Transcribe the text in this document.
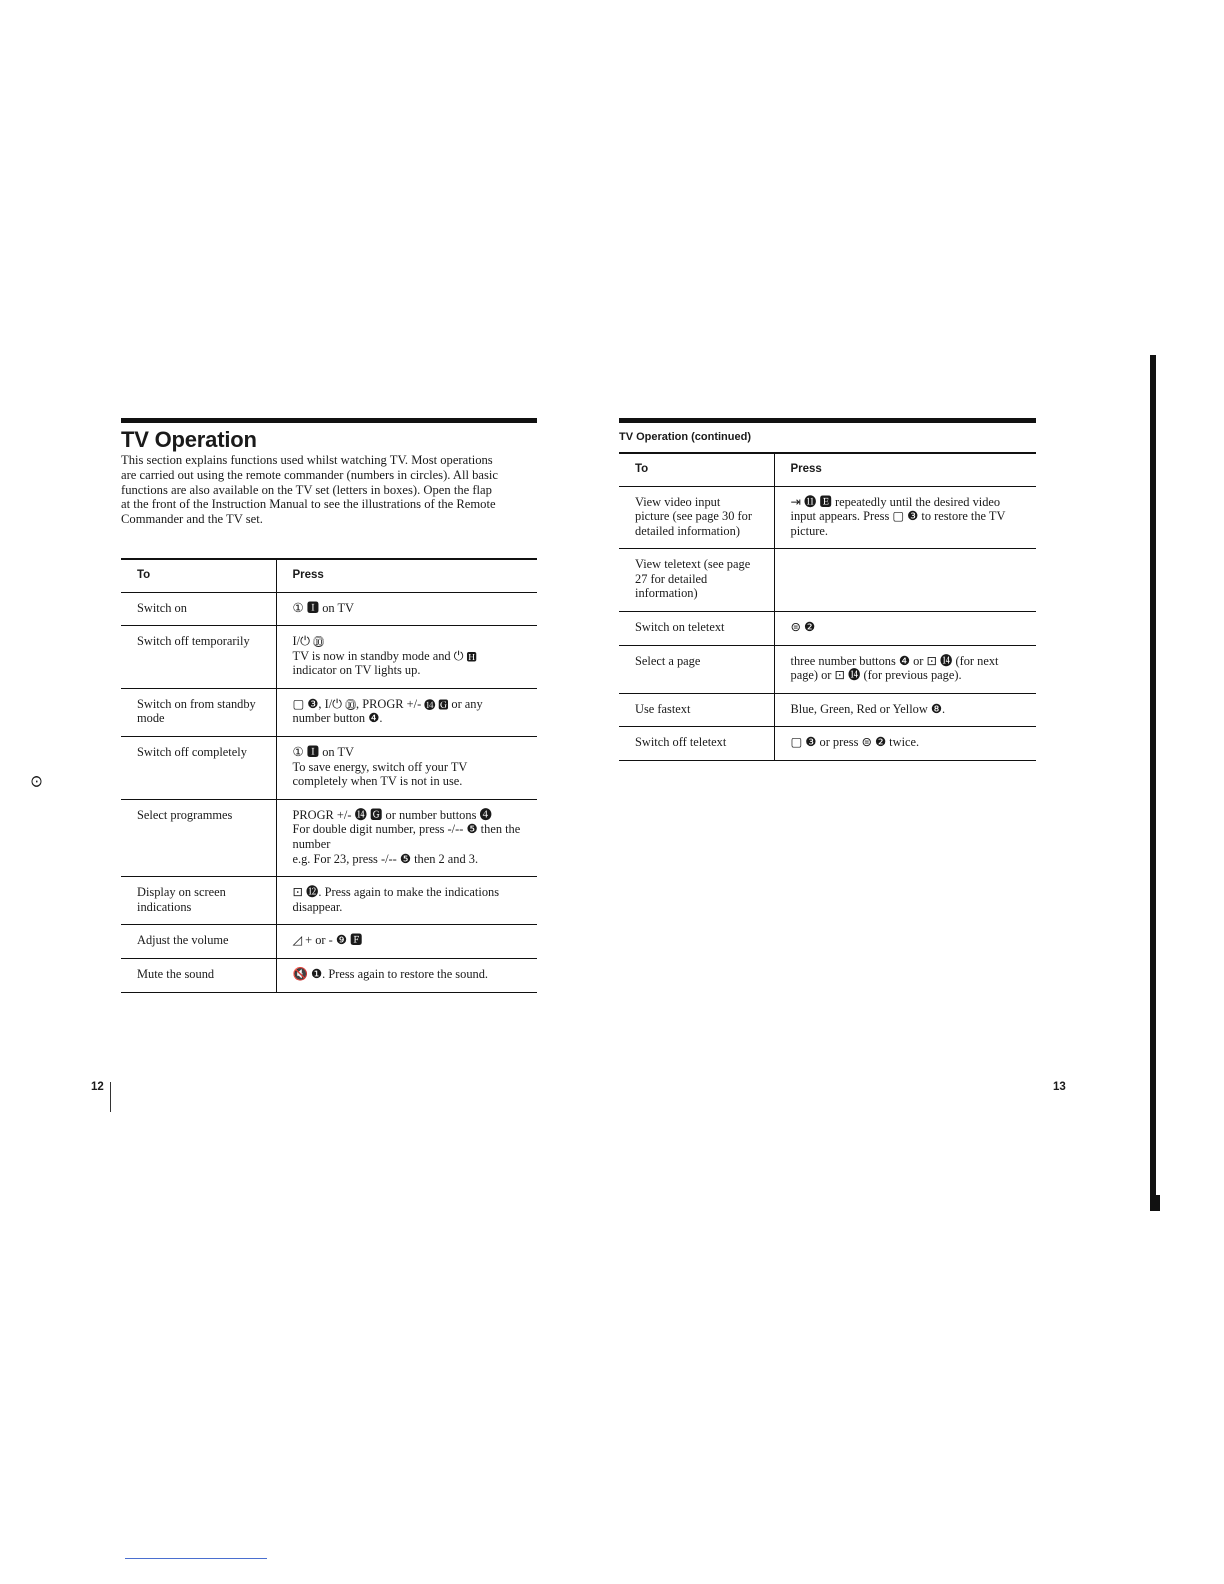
TV Operation

This section explains functions used whilst watching TV. Most operations are carried out using the remote commander (numbers in circles). All basic functions are also available on the TV set (letters in boxes). Open the flap at the front of the Instruction Manual to see the illustrations of the Remote Commander and the TV set.

To	Press
Switch on	① 🅸 on TV
Switch off temporarily	I/⏻ ⓾
TV is now in standby mode and ⏻ 🅷 indicator on TV lights up.
Switch on from standby mode	▢ ❸, I/⏻ ⓾, PROGR +/- ⓮ 🅶 or any number button ❹.
Switch off completely	① 🅸 on TV
To save energy, switch off your TV completely when TV is not in use.
Select programmes	PROGR +/- ⓮ 🅶 or number buttons ❹
For double digit number, press -/-- ❺ then the number
e.g. For 23, press -/-- ❺ then 2 and 3.
Display on screen indications	⊡ ⓬. Press again to make the indications disappear.
Adjust the volume	◿ + or - ❾ 🅵
Mute the sound	🔇 ❶. Press again to restore the sound.
TV Operation (continued)
To	Press
View video input picture (see page 30 for detailed information)	⇥ ⓫ 🅴 repeatedly until the desired video input appears. Press ▢ ❸ to restore the TV picture.
View teletext (see page 27 for detailed information)	
Switch on teletext	⊜ ❷
Select a page	three number buttons ❹ or ⊡ ⓮ (for next page) or ⊡ ⓮ (for previous page).
Use fastext	Blue, Green, Red or Yellow ❽.
Switch off teletext	▢ ❸ or press ⊜ ❷ twice.
12	13
ⵙ
